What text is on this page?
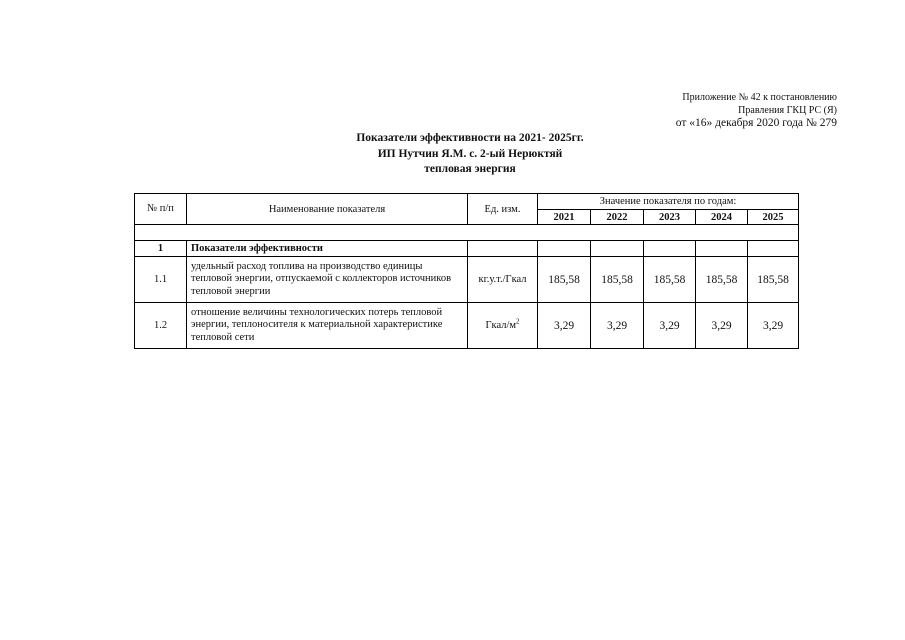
Приложение № 42 к постановлению
Правления ГКЦ РС (Я)
от «16» декабря 2020 года № 279
Показатели эффективности на 2021- 2025гг.
ИП Нутчин Я.М. с. 2-ый Нерюктяй
тепловая энергия
№ п/п	Наименование показателя	Ед. изм.	Значение показателя по годам:				
			2021	2022	2023	2024	2025

1	Показатели эффективности						
1.1	удельный расход топлива на производство единицы тепловой энергии, отпускаемой с коллекторов источников тепловой энергии	кг.у.т./Гкал	185,58	185,58	185,58	185,58	185,58
1.2	отношение величины технологических потерь тепловой энергии, теплоносителя к материальной характеристике тепловой сети	Гкал/$м^2$	3,29	3,29	3,29	3,29	3,29
